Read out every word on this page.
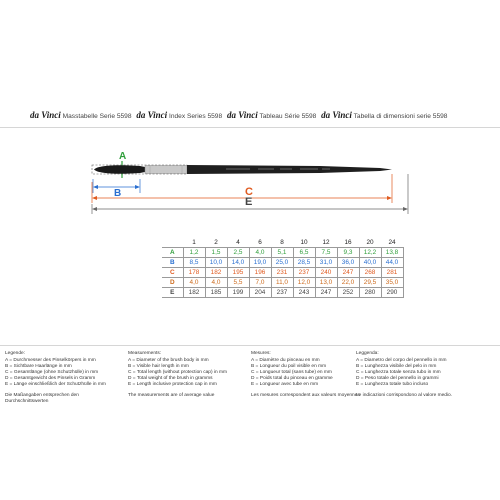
da Vinci Masstabelle Serie 5598 da Vinci Index Series 5598 da Vinci Tableau Série 5598 da Vinci Tabella di dimensioni serie 5598
A
B	C
E
	1	2	4	6	8	10	12	16	20	24
A	1,2	1,5	2,5	4,0	5,1	6,5	7,5	9,3	12,2	13,8
B	8,5	10,0	14,0	19,0	25,0	28,5	31,0	36,0	40,0	44,0
C	178	182	195	196	231	237	240	247	268	281
D	4,0	4,0	5,5	7,0	11,0	12,0	13,0	22,0	29,5	35,0
E	182	185	199	204	237	243	247	252	280	290
Legende:
A = Durchmesser des Pinselkörpers in mm
B = Sichtbare Haarlänge in mm
C = Gesamtlänge (ohne Schutzhülle) in mm
D = Gesamtgewicht des Pinsels in Gramm
E = Länge einschließlich der Schutzhülle in mm
Die Maßangaben entsprechen den Durchschnittswerten
Measurements:
A = Diameter of the brush body in mm
B = Visible hair length in mm
C = Total length (without protection cap) in mm
D = Total weight of the brush in gramms
E = Length inclusive protection cap in mm
The measurements are of average value
Mesures:
A = Diamètre du pinceau en mm
B = Longueur du poil visible en mm
C = Longueur total (sans tube) en mm
D = Poids total du pinceau en gramme
E = Longueur avec tube en mm
Les mesures correspondent aux valeurs moyennes
Leggenda:
A = Diametro del corpo del pennello in mm
B = Lunghezza visibile del pelo in mm
C = Lunghezza totale senza tubo in mm
D = Peso totale del pennello in grammi
E = Lunghezza totale tubo incluso
Le indicazioni corrispondono al valore medio.
